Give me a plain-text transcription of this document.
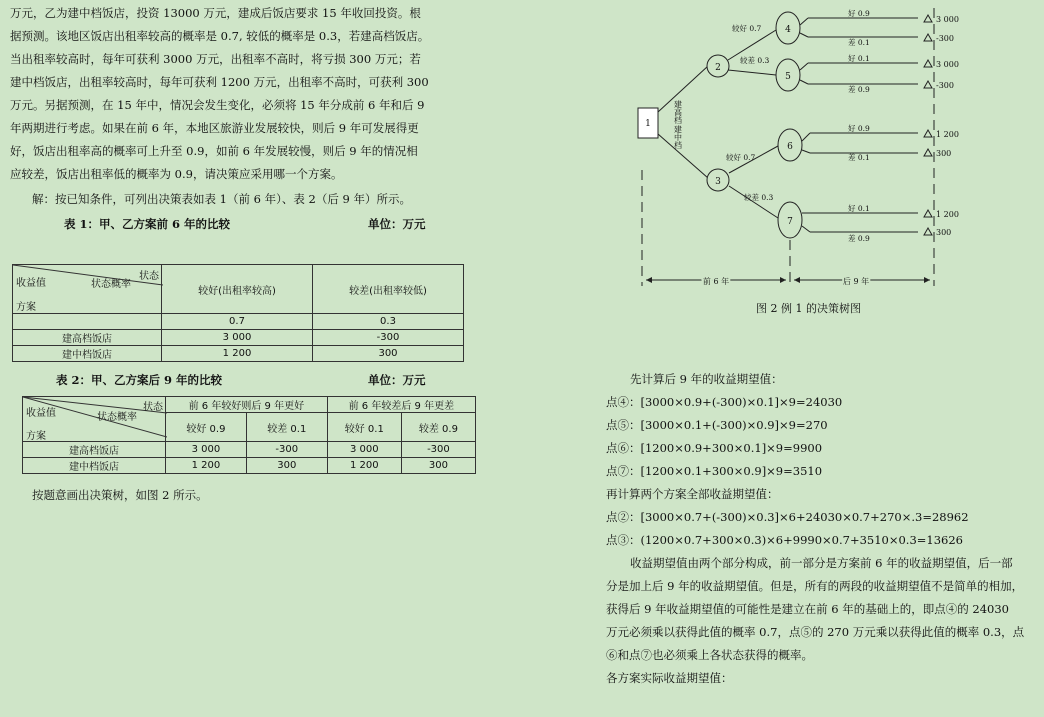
万元，乙为建中档饭店，投资 13000 万元，建成后饭店要求 15 年收回投资。根
据预测。该地区饭店出租率较高的概率是 0.7, 较低的概率是 0.3，若建高档饭店。
当出租率较高时，每年可获利 3000 万元，出租率不高时，将亏损 300 万元；若
建中档饭店，出租率较高时，每年可获利 1200 万元，出租率不高时，可获利 300
万元。另据预测，在 15 年中，情况会发生变化，必须将 15 年分成前 6 年和后 9
年两期进行考虑。如果在前 6 年，本地区旅游业发展较快，则后 9 年可发展得更
好，饭店出租率高的概率可上升至 0.9，如前 6 年发展较慢，则后 9 年的情况相
应较差，饭店出租率低的概率为 0.9，请决策应采用哪一个方案。
解：按已知条件，可列出决策表如表 1（前 6 年）、表 2（后 9 年）所示。
表 1：甲、乙方案前 6 年的比较	单位：万元
状态
状态概率
收益值
方案	较好(出租率较高)	较差(出租率较低)
	0.7	0.3
建高档饭店	3 000	-300
建中档饭店	1 200	300
表 2：甲、乙方案后 9 年的比较	单位：万元
状态
状态概率
收益值
方案	前 6 年较好则后 9 年更好		前 6 年较差后 9 年更差	
	较好 0.9	较差 0.1	较好 0.1	较差 0.9
建高档饭店	3 000	-300	3 000	-300
建中档饭店	1 200	300	1 200	300
按题意画出决策树，如图 2 所示。
1
2
3
4
5
6
7
建高档
建中档
较好 0.7
较差 0.3
较好 0.7
较差 0.3
好 0.9
差 0.1
好 0.1
差 0.9
好 0.9
差 0.1
好 0.1
差 0.9
3 000
-300
3 000
-300
1 200
300
1 200
300
前 6 年	后 9 年
图 2 例 1 的决策树图
先计算后 9 年的收益期望值：
点④：[3000×0.9+(-300)×0.1]×9=24030
点⑤：[3000×0.1+(-300)×0.9]×9=270
点⑥：[1200×0.9+300×0.1]×9=9900
点⑦：[1200×0.1+300×0.9]×9=3510
再计算两个方案全部收益期望值：
点②：[3000×0.7+(-300)×0.3]×6+24030×0.7+270×.3=28962
点③：(1200×0.7+300×0.3)×6+9990×0.7+3510×0.3=13626
收益期望值由两个部分构成，前一部分是方案前 6 年的收益期望值，后一部
分是加上后 9 年的收益期望值。但是，所有的两段的收益期望值不是简单的相加，
获得后 9 年收益期望值的可能性是建立在前 6 年的基础上的，即点④的 24030
万元必须乘以获得此值的概率 0.7，点⑤的 270 万元乘以获得此值的概率 0.3，点
⑥和点⑦也必须乘上各状态获得的概率。
各方案实际收益期望值：
